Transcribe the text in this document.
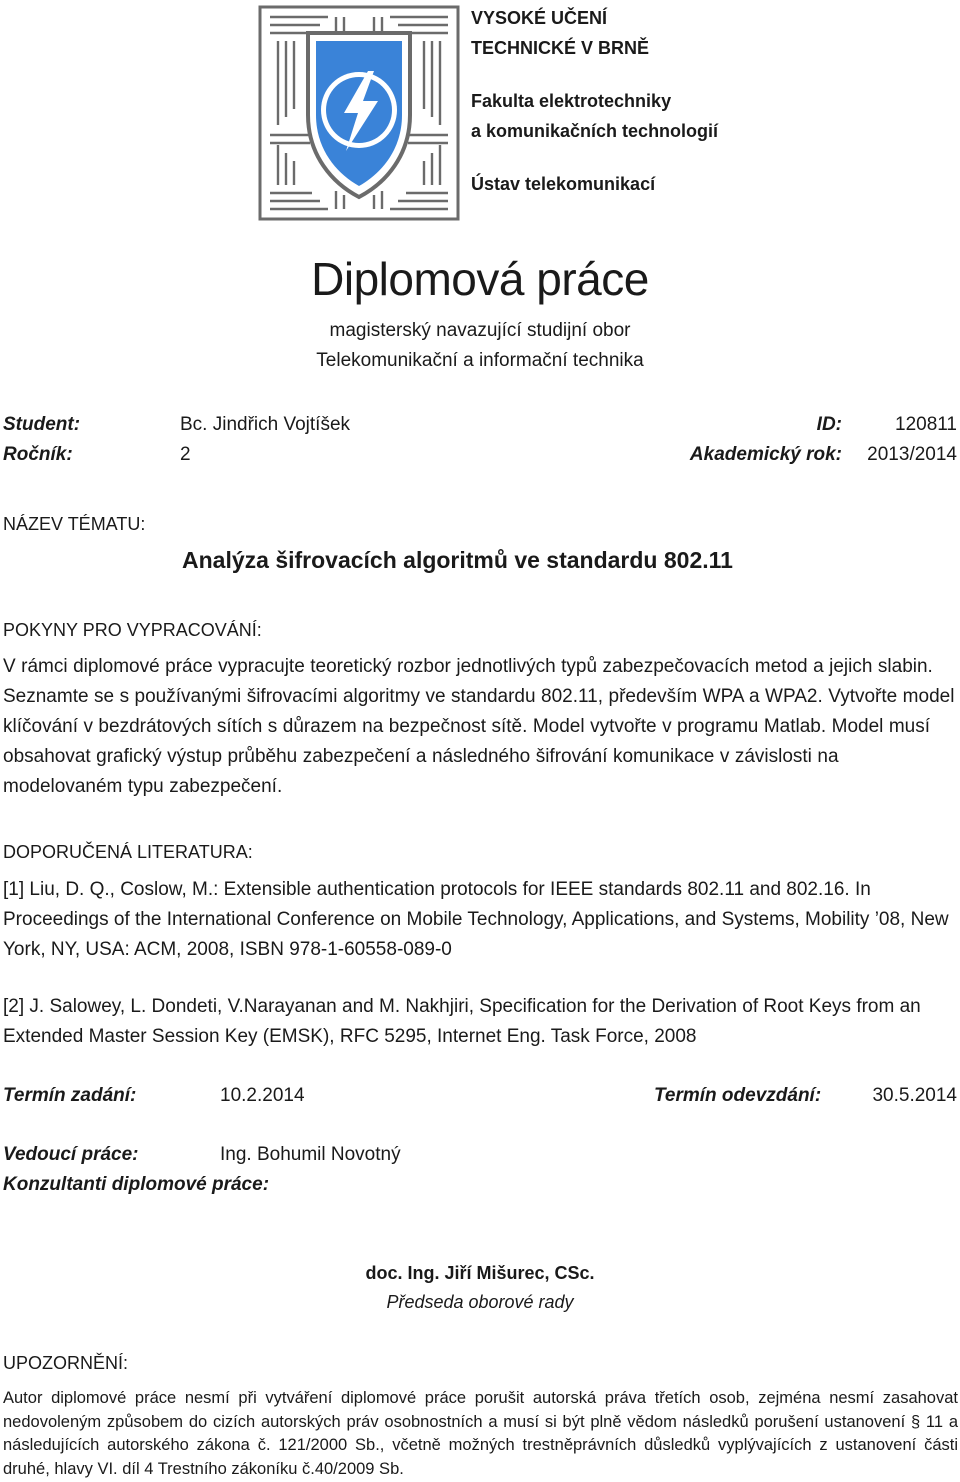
VYSOKÉ UČENÍ
TECHNICKÉ V BRNĚ
Fakulta elektrotechniky
a komunikačních technologií
Ústav telekomunikací
Diplomová práce
magisterský navazující studijní obor
Telekomunikační a informační technika
Student:	Bc. Jindřich Vojtíšek	ID:	120811
Ročník:	2	Akademický rok: 2013/2014
NÁZEV TÉMATU:
Analýza šifrovacích algoritmů ve standardu 802.11
POKYNY PRO VYPRACOVÁNÍ:
V rámci diplomové práce vypracujte teoretický rozbor jednotlivých typů zabezpečovacích metod a jejich slabin. Seznamte se s používanými šifrovacími algoritmy ve standardu 802.11, především WPA a WPA2. Vytvořte model klíčování v bezdrátových sítích s důrazem na bezpečnost sítě. Model vytvořte v programu Matlab. Model musí obsahovat grafický výstup průběhu zabezpečení a následného šifrování komunikace v závislosti na modelovaném typu zabezpečení.
DOPORUČENÁ LITERATURA:
[1] Liu, D. Q., Coslow, M.: Extensible authentication protocols for IEEE standards 802.11 and 802.16. In Proceedings of the International Conference on Mobile Technology, Applications, and Systems, Mobility ’08, New York, NY, USA: ACM, 2008, ISBN 978-1-60558-089-0
[2] J. Salowey, L. Dondeti, V.Narayanan and M. Nakhjiri, Specification for the Derivation of Root Keys from an Extended Master Session Key (EMSK), RFC 5295, Internet Eng. Task Force, 2008
Termín zadání:	10.2.2014	Termín odevzdání:	30.5.2014
Vedoucí práce:	Ing. Bohumil Novotný
Konzultanti diplomové práce:
doc. Ing. Jiří Mišurec, CSc.
Předseda oborové rady
UPOZORNĚNÍ:
Autor diplomové práce nesmí při vytváření diplomové práce porušit autorská práva třetích osob, zejména nesmí zasahovat nedovoleným způsobem do cizích autorských práv osobnostních a musí si být plně vědom následků porušení ustanovení § 11 a následujících autorského zákona č. 121/2000 Sb., včetně možných trestněprávních důsledků vyplývajících z ustanovení části druhé, hlavy VI. díl 4 Trestního zákoníku č.40/2009 Sb.
